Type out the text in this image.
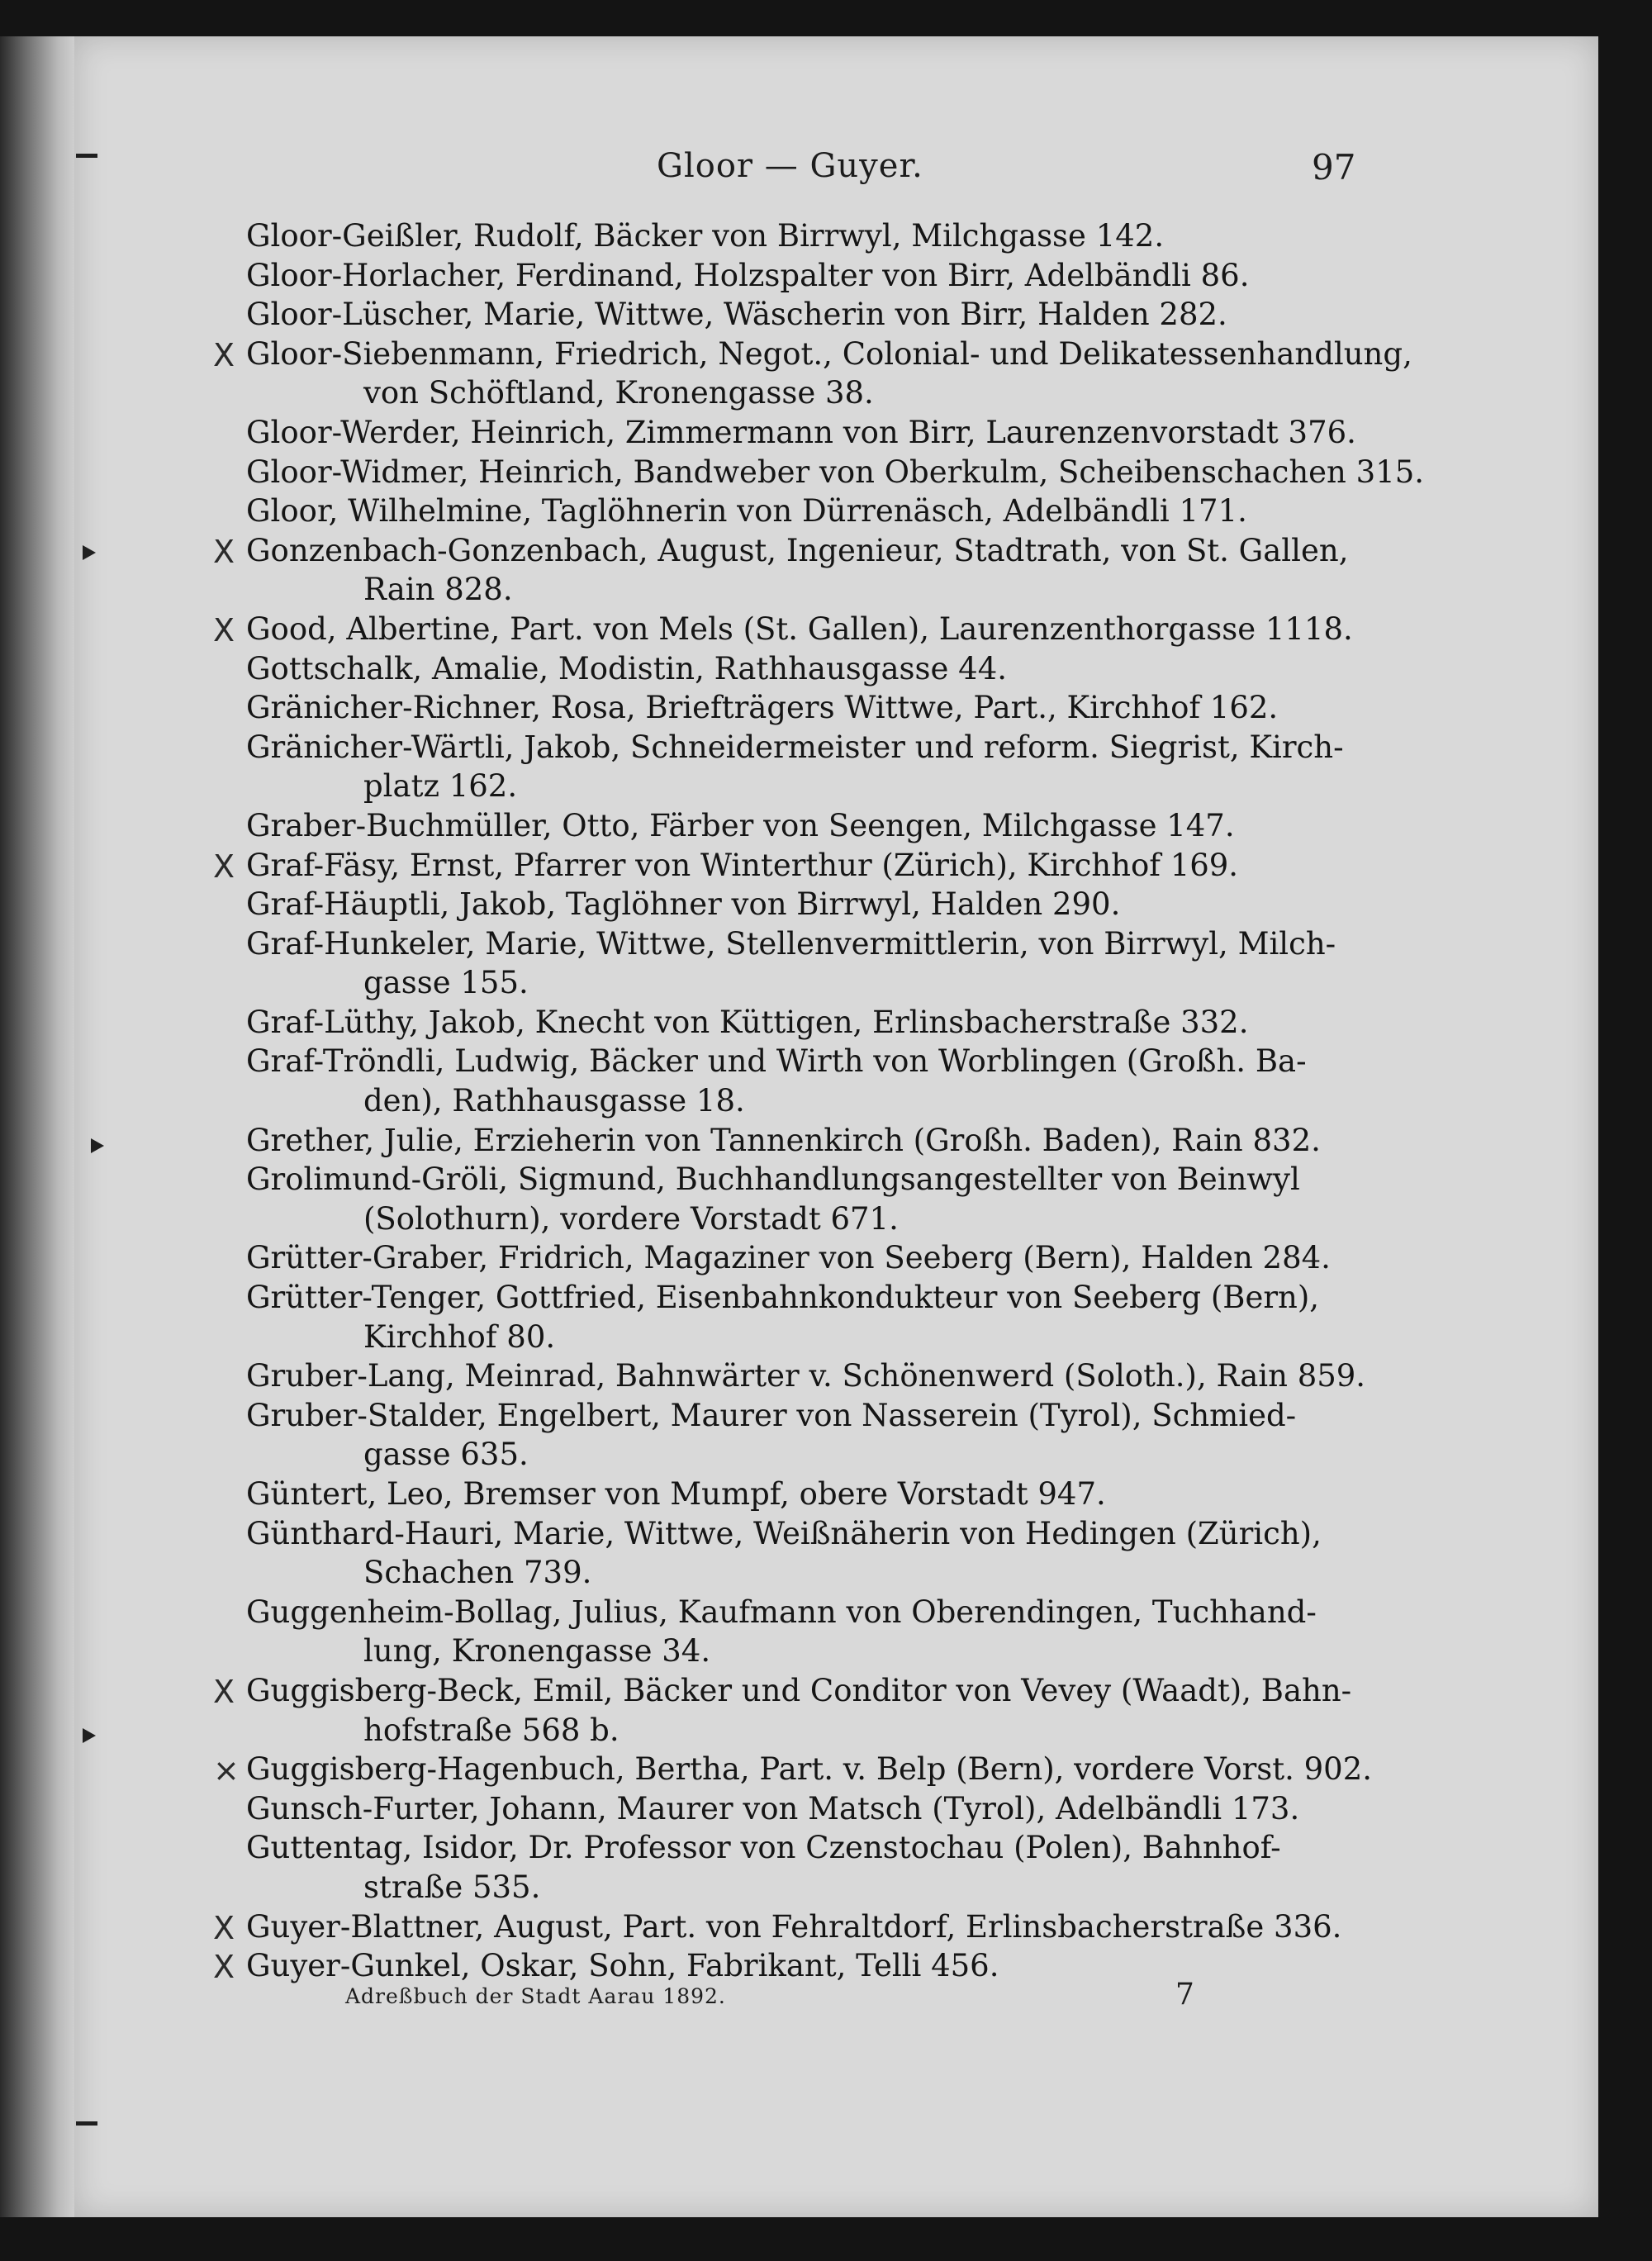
Gloor — Guyer.	97
Gloor-Geißler, Rudolf, Bäcker von Birrwyl, Milchgasse 142.
Gloor-Horlacher, Ferdinand, Holzspalter von Birr, Adelbändli 86.
Gloor-Lüscher, Marie, Wittwe, Wäscherin von Birr, Halden 282.
X Gloor-Siebenmann, Friedrich, Negot., Colonial- und Delikatessenhandlung,
von Schöftland, Kronengasse 38.
Gloor-Werder, Heinrich, Zimmermann von Birr, Laurenzenvorstadt 376.
Gloor-Widmer, Heinrich, Bandweber von Oberkulm, Scheibenschachen 315.
Gloor, Wilhelmine, Taglöhnerin von Dürrenäsch, Adelbändli 171.
X Gonzenbach-Gonzenbach, August, Ingenieur, Stadtrath, von St. Gallen,
Rain 828.
X Good, Albertine, Part. von Mels (St. Gallen), Laurenzenthorgasse 1118.
Gottschalk, Amalie, Modistin, Rathhausgasse 44.
Gränicher-Richner, Rosa, Briefträgers Wittwe, Part., Kirchhof 162.
Gränicher-Wärtli, Jakob, Schneidermeister und reform. Siegrist, Kirch-
platz 162.
Graber-Buchmüller, Otto, Färber von Seengen, Milchgasse 147.
X Graf-Fäsy, Ernst, Pfarrer von Winterthur (Zürich), Kirchhof 169.
Graf-Häuptli, Jakob, Taglöhner von Birrwyl, Halden 290.
Graf-Hunkeler, Marie, Wittwe, Stellenvermittlerin, von Birrwyl, Milch-
gasse 155.
Graf-Lüthy, Jakob, Knecht von Küttigen, Erlinsbacherstraße 332.
Graf-Tröndli, Ludwig, Bäcker und Wirth von Worblingen (Großh. Ba-
den), Rathhausgasse 18.
Grether, Julie, Erzieherin von Tannenkirch (Großh. Baden), Rain 832.
Grolimund-Gröli, Sigmund, Buchhandlungsangestellter von Beinwyl
(Solothurn), vordere Vorstadt 671.
Grütter-Graber, Fridrich, Magaziner von Seeberg (Bern), Halden 284.
Grütter-Tenger, Gottfried, Eisenbahnkondukteur von Seeberg (Bern),
Kirchhof 80.
Gruber-Lang, Meinrad, Bahnwärter v. Schönenwerd (Soloth.), Rain 859.
Gruber-Stalder, Engelbert, Maurer von Nasserein (Tyrol), Schmied-
gasse 635.
Güntert, Leo, Bremser von Mumpf, obere Vorstadt 947.
Günthard-Hauri, Marie, Wittwe, Weißnäherin von Hedingen (Zürich),
Schachen 739.
Guggenheim-Bollag, Julius, Kaufmann von Oberendingen, Tuchhand-
lung, Kronengasse 34.
X Guggisberg-Beck, Emil, Bäcker und Conditor von Vevey (Waadt), Bahn-
hofstraße 568 b.
× Guggisberg-Hagenbuch, Bertha, Part. v. Belp (Bern), vordere Vorst. 902.
Gunsch-Furter, Johann, Maurer von Matsch (Tyrol), Adelbändli 173.
Guttentag, Isidor, Dr. Professor von Czenstochau (Polen), Bahnhof-
straße 535.
X Guyer-Blattner, August, Part. von Fehraltdorf, Erlinsbacherstraße 336.
X Guyer-Gunkel, Oskar, Sohn, Fabrikant, Telli 456.
Adreßbuch der Stadt Aarau 1892.	7
